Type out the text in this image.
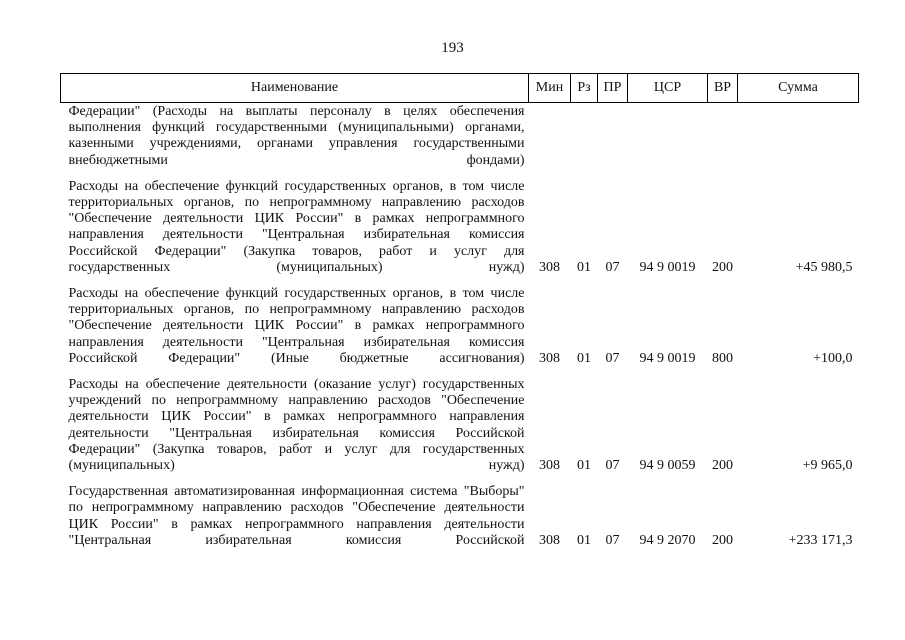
193
Наименование	Мин	Рз	ПР	ЦСР	ВР	Сумма

Федерации" (Расходы на выплаты персоналу в целях обеспечения выполнения функций государственными (муниципальными) органами, казенными учреждениями, органами управления государственными внебюджетными фондами)						

Расходы на обеспечение функций государственных органов, в том числе территориальных органов, по непрограммному направлению расходов "Обеспечение деятельности ЦИК России" в рамках непрограммного направления деятельности "Центральная избирательная комиссия Российской Федерации" (Закупка товаров, работ и услуг для государственных (муниципальных) нужд)	308	01	07	94 9 0019	200	+45 980,5

Расходы на обеспечение функций государственных органов, в том числе территориальных органов, по непрограммному направлению расходов "Обеспечение деятельности ЦИК России" в рамках непрограммного направления деятельности "Центральная избирательная комиссия Российской Федерации" (Иные бюджетные ассигнования)	308	01	07	94 9 0019	800	+100,0

Расходы на обеспечение деятельности (оказание услуг) государственных учреждений по непрограммному направлению расходов "Обеспечение деятельности ЦИК России" в рамках непрограммного направления деятельности "Центральная избирательная комиссия Российской Федерации" (Закупка товаров, работ и услуг для государственных (муниципальных) нужд)	308	01	07	94 9 0059	200	+9 965,0

Государственная автоматизированная информационная система "Выборы" по непрограммному направлению расходов "Обеспечение деятельности ЦИК России" в рамках непрограммного направления деятельности "Центральная избирательная комиссия Российской	308	01	07	94 9 2070	200	+233 171,3
